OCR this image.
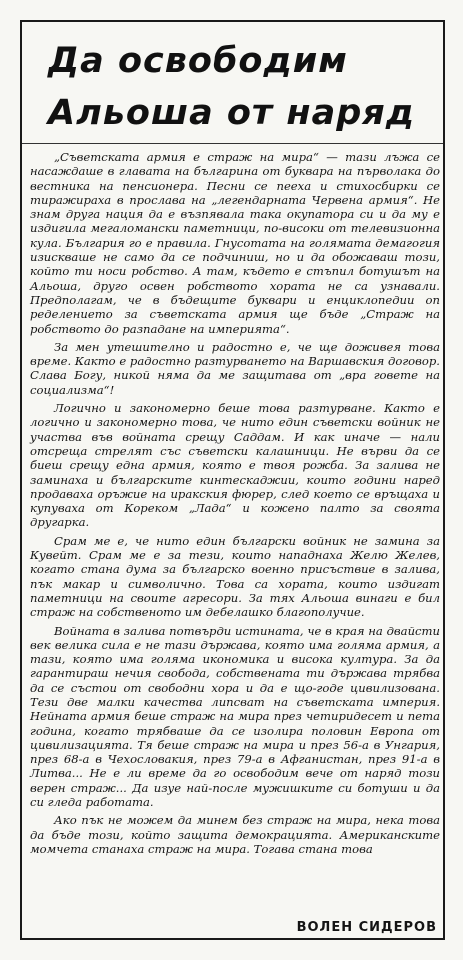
Да освободим
Альоша от наряд

„Съветската армия е страж на мира“ — тази лъжа се насаждаше в главата на българина от буквара на първолака до вестника на пенсионера. Песни се пееха и стихосбирки се тиражираха в прослава на „легендарната Червена армия“. Не знам друга нация да е възпявала така окупатора си и да му е издигила мегаломански паметници, по-високи от телевизионна кула. България го е правила. Гнусотата на голямата демагогия изискваше не само да се подчиниш, но и да обожаваш този, който ти носи робство. А там, където е стъпил ботушът на Альоша, друго освен робството хората не са узнавали. Предполагам, че в бъдещите буквари и енциклопедии оп ределението за съветската армия ще бъде „Страж на робството до разпадане на империята“.

За мен утешително и радостно е, че ще доживея това време. Както е радостно разтурването на Варшавския договор. Слава Богу, никой няма да ме защитава от „вра говете на социализма“!

Логично и закономерно беше това разтурване. Както е логично и закономерно това, че нито един съветски войник не участва във войната срещу Саддам. И как иначе — нали отсреща стрелят със съветски калашници. Не върви да се биеш срещу една армия, която е твоя рожба. За залива не заминаха и българските кинтескаджии, които години наред продаваха оръжие на иракския фюрер, след което се връщаха и купуваха от Кореком „Лада“ и кожено палто за своята другарка.

Срам ме е, че нито един български войник не замина за Кувейт. Срам ме е за тези, които нападнаха Желю Желев, когато стана дума за българско военно присъствие в залива, пък макар и символично. Това са хората, които издигат паметници на своите агресори. За тях Альоша винаги е бил страж на собственото им дебелашко благополучие.

Войната в залива потвърди истината, че в края на двайсти век велика сила е не тази държава, която има голяма армия, а тази, която има голяма икономика и висока култура. За да гарантираш нечия свобода, собствената ти държава трябва да се състои от свободни хора и да е що-годе цивилизована. Тези две малки качества липсват на съветската империя. Нейната армия беше страж на мира през четиридесет и пета година, когато трябваше да се изолира половин Европа от цивилизацията. Тя беше страж на мира и през 56-а в Унгария, през 68-а в Чехословакия, през 79-а в Афганистан, през 91-а в Литва... Не е ли време да го освободим вече от наряд този верен страж... Да изуе най-после мужишките си ботуши и да си гледа работата.

Ако пък не можем да минем без страж на мира, нека това да бъде този, който защита демокрацията. Американските момчета станаха страж на мира. Тогава стана това

ВОЛЕН СИДЕРОВ
